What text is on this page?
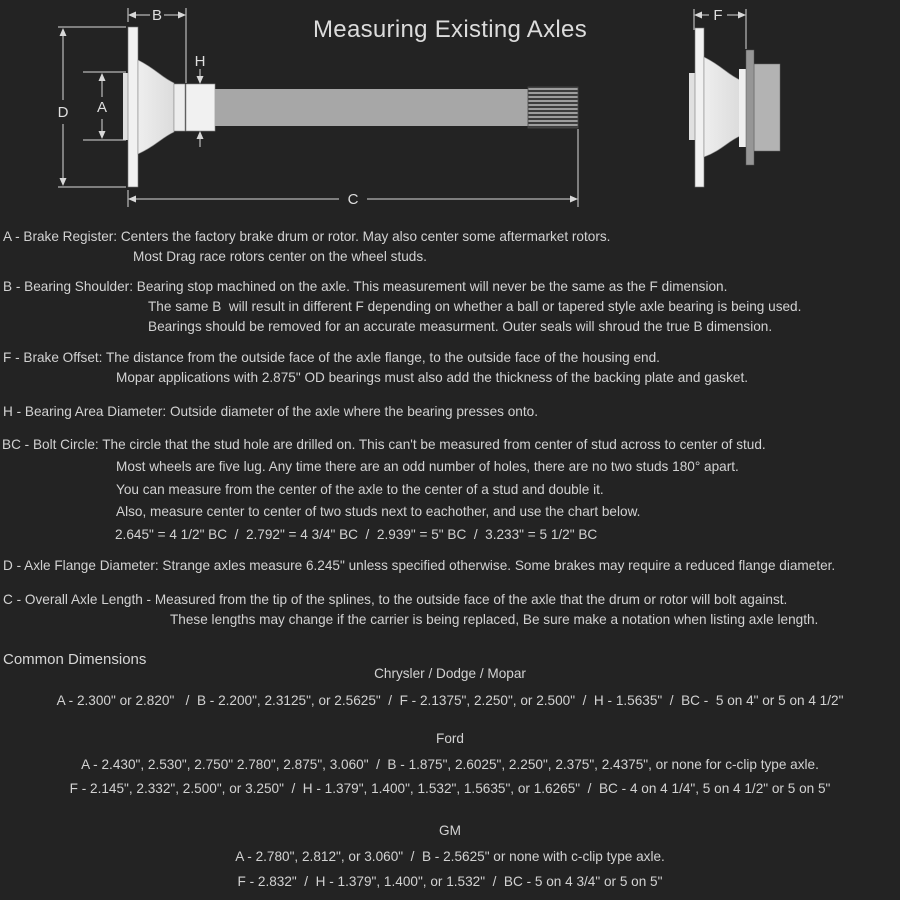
Measuring Existing Axles
B
D A
H
C
F
A - Brake Register: Centers the factory brake drum or rotor. May also center some aftermarket rotors.
Most Drag race rotors center on the wheel studs.
B - Bearing Shoulder: Bearing stop machined on the axle. This measurement will never be the same as the F dimension.
The same B  will result in different F depending on whether a ball or tapered style axle bearing is being used.
Bearings should be removed for an accurate measurment. Outer seals will shroud the true B dimension.
F - Brake Offset: The distance from the outside face of the axle flange, to the outside face of the housing end.
Mopar applications with 2.875" OD bearings must also add the thickness of the backing plate and gasket.
H - Bearing Area Diameter: Outside diameter of the axle where the bearing presses onto.
BC - Bolt Circle: The circle that the stud hole are drilled on. This can't be measured from center of stud across to center of stud.
Most wheels are five lug. Any time there are an odd number of holes, there are no two studs 180° apart.
You can measure from the center of the axle to the center of a stud and double it.
Also, measure center to center of two studs next to eachother, and use the chart below.
2.645" = 4 1/2" BC  /  2.792" = 4 3/4" BC  /  2.939" = 5" BC  /  3.233" = 5 1/2" BC
D - Axle Flange Diameter: Strange axles measure 6.245" unless specified otherwise. Some brakes may require a reduced flange diameter.
C - Overall Axle Length - Measured from the tip of the splines, to the outside face of the axle that the drum or rotor will bolt against.
These lengths may change if the carrier is being replaced, Be sure make a notation when listing axle length.
Common Dimensions
Chrysler / Dodge / Mopar
A - 2.300" or 2.820"   /  B - 2.200", 2.3125", or 2.5625"  /  F - 2.1375", 2.250", or 2.500"  /  H - 1.5635"  /  BC -  5 on 4" or 5 on 4 1/2"
Ford
A - 2.430", 2.530", 2.750" 2.780", 2.875", 3.060"  /  B - 1.875", 2.6025", 2.250", 2.375", 2.4375", or none for c-clip type axle.
F - 2.145", 2.332", 2.500", or 3.250"  /  H - 1.379", 1.400", 1.532", 1.5635", or 1.6265"  /  BC - 4 on 4 1/4", 5 on 4 1/2" or 5 on 5"
GM
A - 2.780", 2.812", or 3.060"  /  B - 2.5625" or none with c-clip type axle.
F - 2.832"  /  H - 1.379", 1.400", or 1.532"  /  BC - 5 on 4 3/4" or 5 on 5"
